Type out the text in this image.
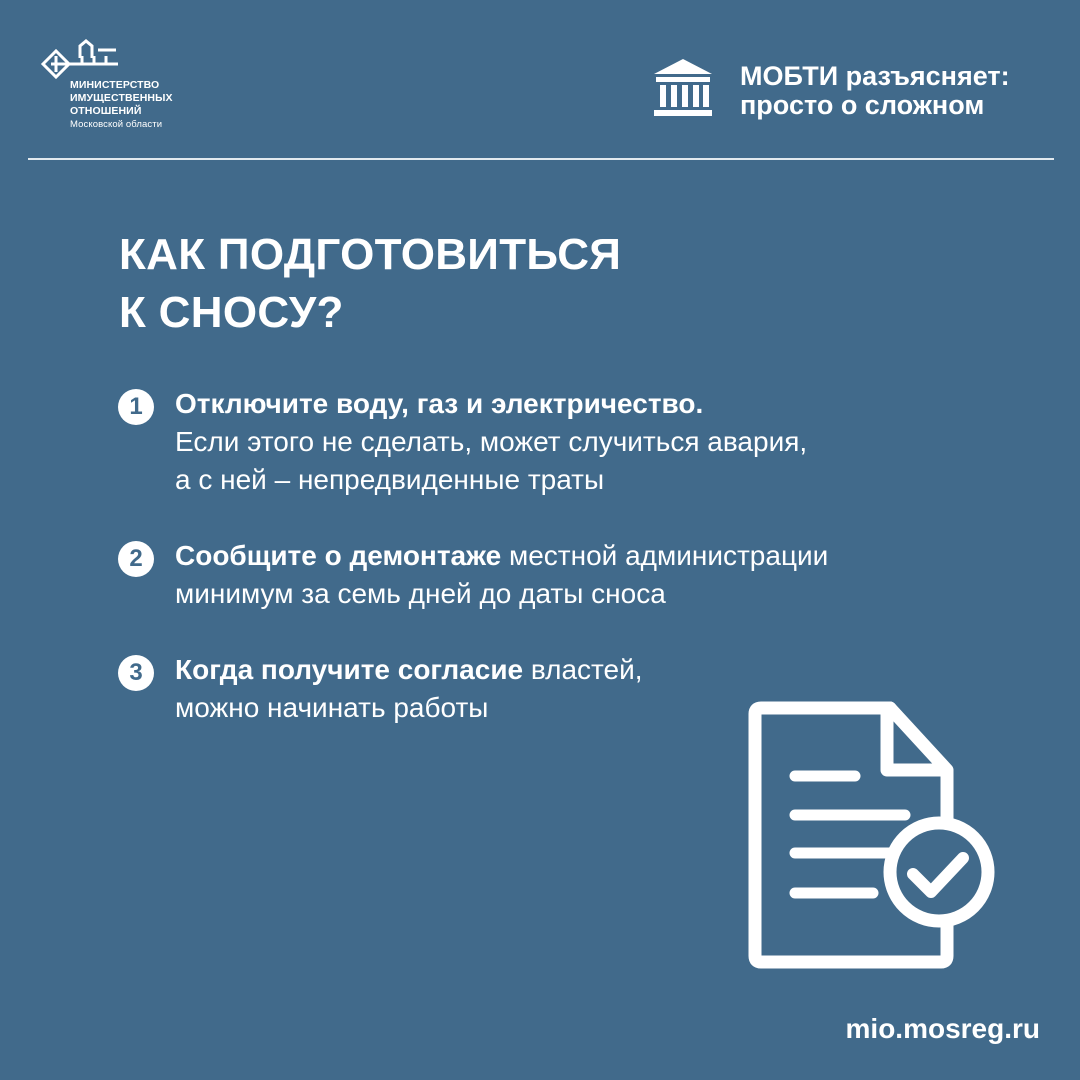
МИНИСТЕРСТВО
ИМУЩЕСТВЕННЫХ
ОТНОШЕНИЙ
Московской области
МОБТИ разъясняет:
просто о сложном
КАК ПОДГОТОВИТЬСЯ
К СНОСУ?
1	Отключите воду, газ и электричество.
Если этого не сделать, может случиться авария,
а с ней – непредвиденные траты
2	Сообщите о демонтаже местной администрации
минимум за семь дней до даты сноса
3	Когда получите согласие властей,
можно начинать работы
mio.mosreg.ru
